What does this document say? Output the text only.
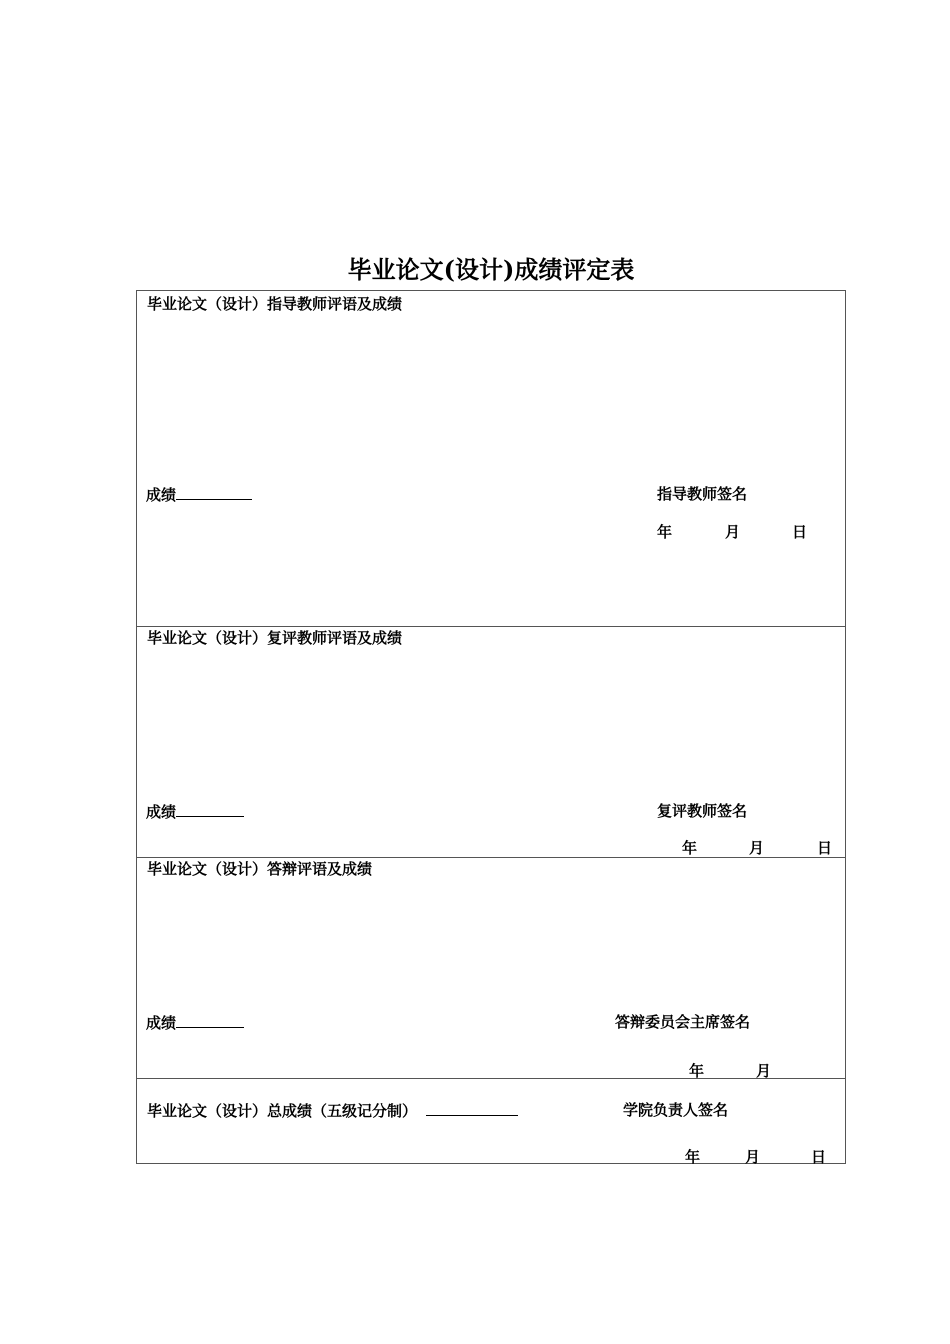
毕业论文(设计)成绩评定表
毕业论文（设计）指导教师评语及成绩
成绩	指导教师签名
年	月	日
毕业论文（设计）复评教师评语及成绩
成绩	复评教师签名
年	月	日
毕业论文（设计）答辩评语及成绩
成绩	答辩委员会主席签名
年	月
毕业论文（设计）总成绩（五级记分制）	学院负责人签名
年	月	日
